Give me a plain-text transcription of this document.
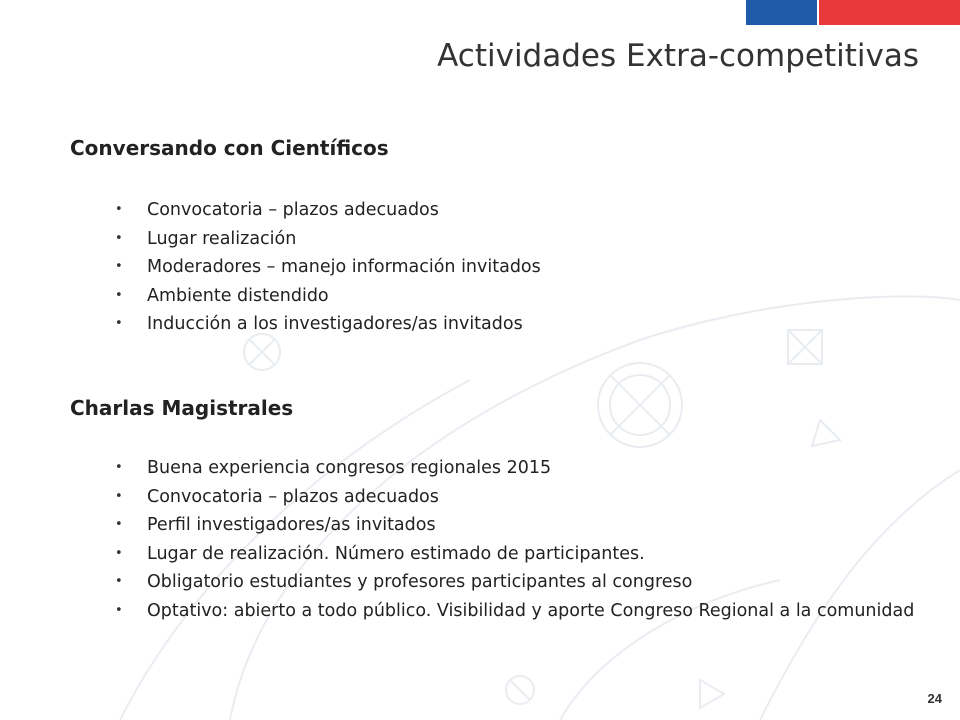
Actividades Extra-competitivas
Conversando con Científicos
• Convocatoria – plazos adecuados
• Lugar realización
• Moderadores – manejo información invitados
• Ambiente distendido
• Inducción a los investigadores/as invitados
Charlas Magistrales
• Buena experiencia congresos regionales 2015
• Convocatoria – plazos adecuados
• Perfil investigadores/as invitados
• Lugar de realización. Número estimado de participantes.
• Obligatorio estudiantes y profesores participantes al congreso
• Optativo: abierto a todo público. Visibilidad y aporte Congreso Regional a la comunidad
24
